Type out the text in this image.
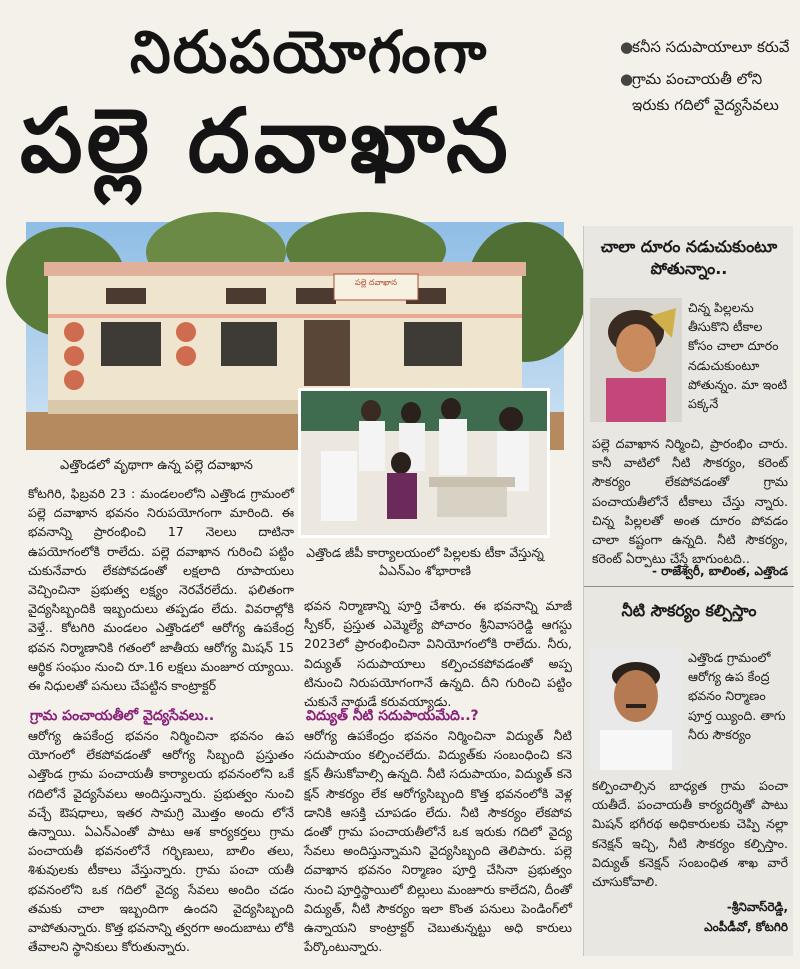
నిరుపయోగంగా
పల్లె దవాఖాన
●
కనీస సదుపాయాలూ కరువే
●
గ్రామ పంచాయతీ లోని ఇరుకు గదిలో వైద్యసేవలు
పల్లె దవాఖాన
ఎత్తొండలో వృథాగా ఉన్న పల్లె దవాఖాన
ఎత్తొండ జీపీ కార్యాలయంలో పిల్లలకు టీకా వేస్తున్న ఏఎన్ఎం శోభారాణి

కోటగిరి, ఫిబ్రవరి 23 : మండలంలోని ఎత్తొండ గ్రామంలో పల్లె దవాఖాన భవనం నిరుపయోగంగా మారింది. ఈ భవనాన్ని ప్రారంభించి 17 నెలలు దాటినా ఉపయోగంలోకి రాలేదు. పల్లె దవాఖాన గురించి పట్టిం చుకునేవారు లేకపోవడంతో లక్షలాది రూపాయలు వెచ్చించినా ప్రభుత్వ లక్ష్యం నెరవేరలేదు. ఫలితంగా వైద్యసిబ్బందికి ఇబ్బందులు తప్పడం లేదు. వివరాల్లోకి వెళ్తే.. కోటగిరి మండలం ఎత్తొండలో ఆరోగ్య ఉపకేంద్ర భవన నిర్మాణానికి గతంలో జాతీయ ఆరోగ్య మిషన్ 15 ఆర్థిక సంఘం నుంచి రూ.16 లక్షలు మంజూర య్యాయి. ఈ నిధులతో పనులు చేపట్టిన కాంట్రాక్టర్

గ్రామ పంచాయతీలో వైద్యసేవలు..

ఆరోగ్య ఉపకేంద్ర భవనం నిర్మించినా భవనం ఉప యోగంలో లేకపోవడంతో ఆరోగ్య సిబ్బంది ప్రస్తుతం ఎత్తొండ గ్రామ పంచాయతీ కార్యాలయ భవనంలోని ఒకే గదిలోనే వైద్యసేవలు అందిస్తున్నారు. ప్రభుత్వం నుంచి వచ్చే ఔషధాలు, ఇతర సామగ్రి మొత్తం అందు లోనే ఉన్నాయి. ఏఎన్ఎంతో పాటు ఆశ కార్యకర్తలు గ్రామ పంచాయతీ భవనంలోనే గర్భిణులు, బాలిం తలు, శిశువులకు టీకాలు వేస్తున్నారు. గ్రామ పంచా యతీ భవనంలోని ఒక గదిలో వైద్య సేవలు అందిం చడం తమకు చాలా ఇబ్బందిగా ఉందని వైద్యసిబ్బంది వాపోతున్నారు. కొత్త భవనాన్ని త్వరగా అందుబాటు లోకి తేవాలని స్థానికులు కోరుతున్నారు.

భవన నిర్మాణాన్ని పూర్తి చేశారు. ఈ భవనాన్ని మాజీ స్పీకర్, ప్రస్తుత ఎమ్మెల్యే పోచారం శ్రీనివాసరెడ్డి ఆగస్టు 2023లో ప్రారంభించినా వినియోగంలోకి రాలేదు. నీరు, విద్యుత్ సదుపాయాలు కల్పించకపోవడంతో అప్ప టినుంచి నిరుపయోగంగానే ఉన్నది. దీని గురించి పట్టిం చుకునే నాథుడే కరువయ్యాడు.

విద్యుత్ నీటి సదుపాయమేది..?

ఆరోగ్య ఉపకేంద్రం భవనం నిర్మించినా విద్యుత్ నీటి సదుపాయం కల్పించలేదు. విద్యుత్‌కు సంబంధించి కనె క్షన్ తీసుకోవాల్సి ఉన్నది. నీటి సదుపాయం, విద్యుత్ కనె క్షన్ సౌకర్యం లేక ఆరోగ్యసిబ్బంది కొత్త భవనంలోకి వెళ్ల డానికి ఆసక్తి చూపడం లేదు. నీటి సౌకర్యం లేకపోవ డంతో గ్రామ పంచాయతీలోనే ఒక ఇరుకు గదిలో వైద్య సేవలు అందిస్తున్నామని వైద్యసిబ్బంది తెలిపారు. పల్లె దవాఖాన భవనం నిర్మాణం పూర్తి చేసినా ప్రభుత్వం నుంచి పూర్తిస్థాయిలో బిల్లులు మంజూరు కాలేదని, దీంతో విద్యుత్, నీటి సౌకర్యం ఇలా కొంత పనులు పెండింగ్‌లో ఉన్నాయని కాంట్రాక్టర్ చెబుతున్నట్టు అధి కారులు పేర్కొంటున్నారు.

చాలా దూరం నడుచుకుంటూ పోతున్నాం..
చిన్న పిల్లలను తీసుకొని టీకాల కోసం చాలా దూరం నడుచుకుంటూ పోతున్నం. మా ఇంటి పక్కనే
పల్లె దవాఖాన నిర్మించి, ప్రారంభిం చారు. కానీ వాటిలో నీటి సౌకర్యం, కరెంట్ సౌకర్యం లేకపోవడంతో గ్రామ పంచాయతీలోనే టీకాలు చేస్తు న్నారు. చిన్న పిల్లలతో అంత దూరం పోవడం చాలా కష్టంగా ఉన్నది. నీటి సౌకర్యం, కరెంట్ ఏర్పాటు చేస్తే బాగుంటది..
- రాజేశ్వరీ, బాలింత, ఎత్తొండ
నీటి సౌకర్యం కల్పిస్తాం
ఎత్తొండ గ్రామంలో ఆరోగ్య ఉప కేంద్ర భవనం నిర్మాణం పూర్త య్యింది. తాగు నీరు సౌకర్యం
కల్పించాల్సిన బాధ్యత గ్రామ పంచా యతీదే. పంచాయతీ కార్యదర్శితో పాటు మిషన్ భగీరథ అధికారులకు చెప్పి నల్లా కనెక్షన్ ఇచ్చి, నీటి సౌకర్యం కల్పిస్తాం. విద్యుత్ కనెక్షన్ సంబంధిత శాఖ వారే చూసుకోవాలి.
-శ్రీనివాస్‌రెడ్డి,
ఎంపీడీవో, కోటగిరి
